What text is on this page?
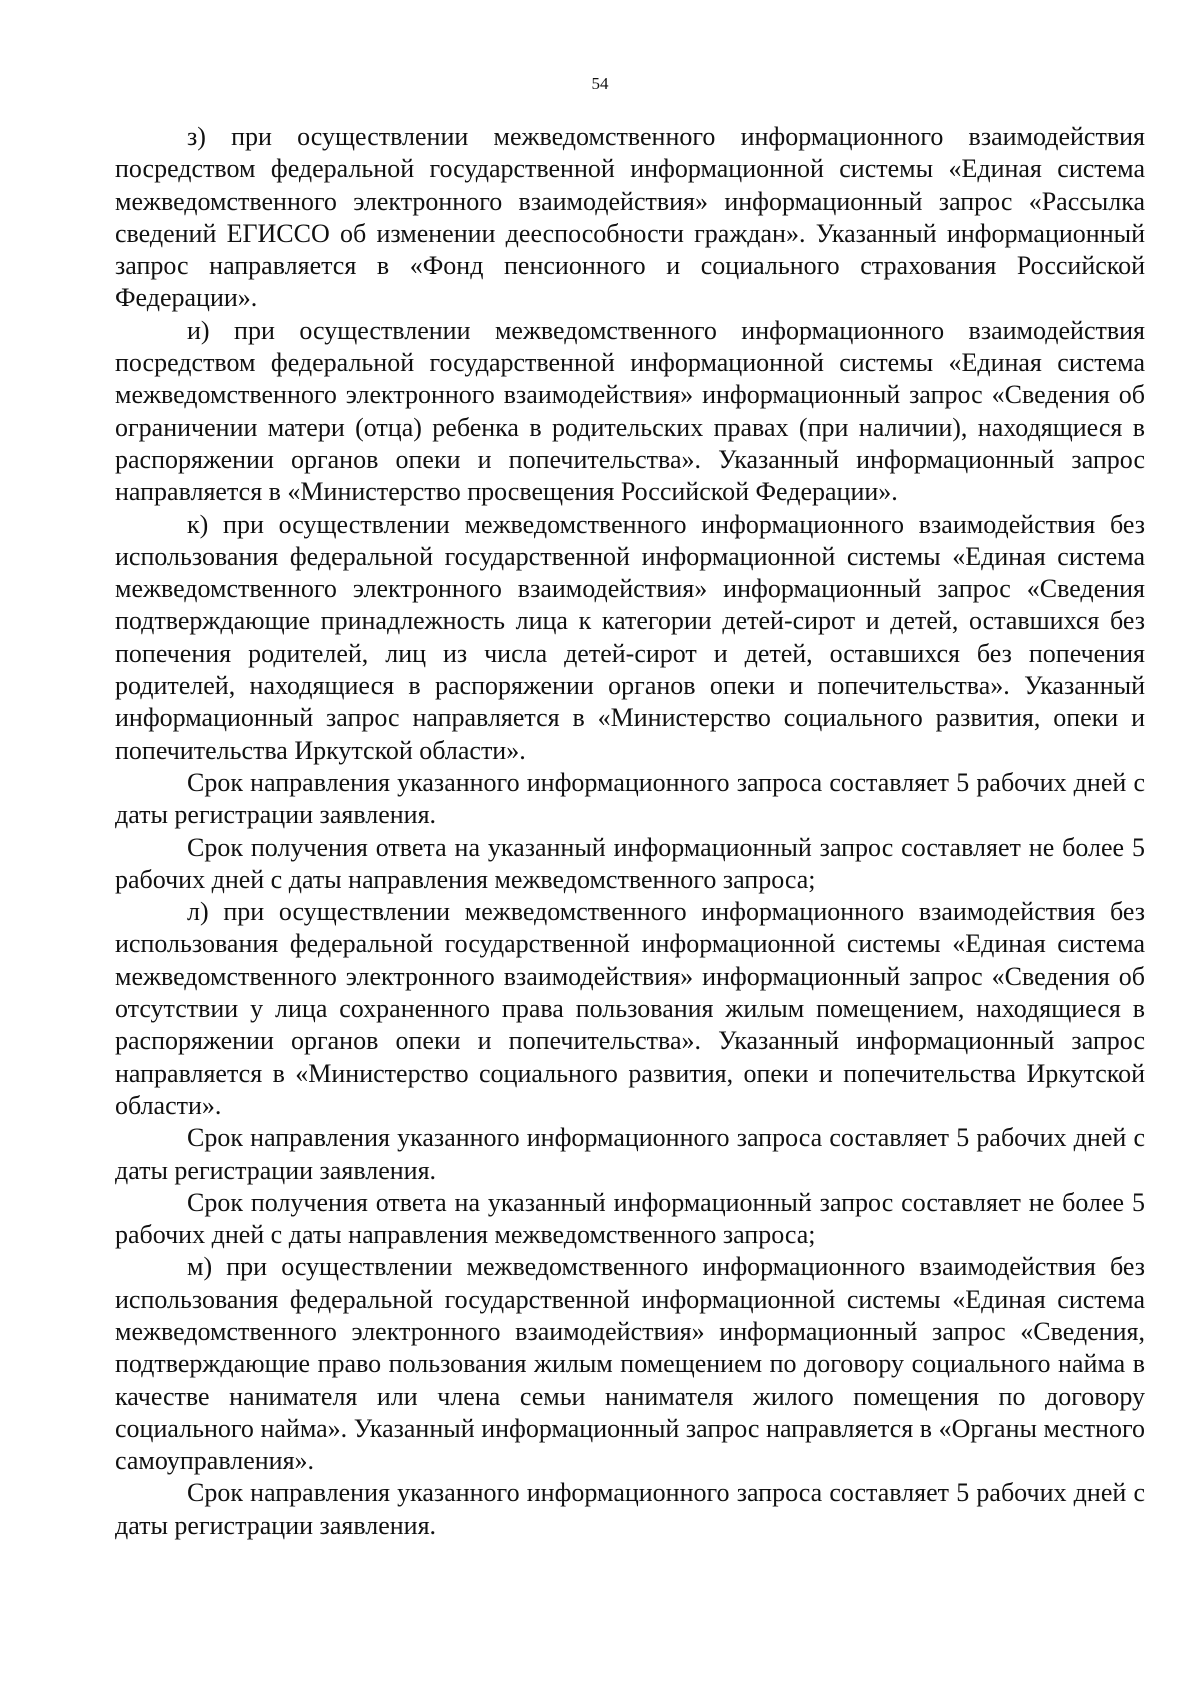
54

з) при осуществлении межведомственного информационного взаимодействия посредством федеральной государственной информационной системы «Единая система межведомственного электронного взаимодействия» информационный запрос «Рассылка сведений ЕГИССО об изменении дееспособности граждан». Указанный информационный запрос направляется в «Фонд пенсионного и социального страхования Российской Федерации».

и) при осуществлении межведомственного информационного взаимодействия посредством федеральной государственной информационной системы «Единая система межведомственного электронного взаимодействия» информационный запрос «Сведения об ограничении матери (отца) ребенка в родительских правах (при наличии), находящиеся в распоряжении органов опеки и попечительства». Указанный информационный запрос направляется в «Министерство просвещения Российской Федерации».

к) при осуществлении межведомственного информационного взаимодействия без использования федеральной государственной информационной системы «Единая система межведомственного электронного взаимодействия» информационный запрос «Сведения подтверждающие принадлежность лица к категории детей-сирот и детей, оставшихся без попечения родителей, лиц из числа детей-сирот и детей, оставшихся без попечения родителей, находящиеся в распоряжении органов опеки и попечительства». Указанный информационный запрос направляется в «Министерство социального развития, опеки и попечительства Иркутской области».

Срок направления указанного информационного запроса составляет 5 рабочих дней с даты регистрации заявления.

Срок получения ответа на указанный информационный запрос составляет не более 5 рабочих дней с даты направления межведомственного запроса;

л) при осуществлении межведомственного информационного взаимодействия без использования федеральной государственной информационной системы «Единая система межведомственного электронного взаимодействия» информационный запрос «Сведения об отсутствии у лица сохраненного права пользования жилым помещением, находящиеся в распоряжении органов опеки и попечительства». Указанный информационный запрос направляется в «Министерство социального развития, опеки и попечительства Иркутской области».

Срок направления указанного информационного запроса составляет 5 рабочих дней с даты регистрации заявления.

Срок получения ответа на указанный информационный запрос составляет не более 5 рабочих дней с даты направления межведомственного запроса;

м) при осуществлении межведомственного информационного взаимодействия без использования федеральной государственной информационной системы «Единая система межведомственного электронного взаимодействия» информационный запрос «Сведения, подтверждающие право пользования жилым помещением по договору социального найма в качестве нанимателя или члена семьи нанимателя жилого помещения по договору социального найма». Указанный информационный запрос направляется в «Органы местного самоуправления».

Срок направления указанного информационного запроса составляет 5 рабочих дней с даты регистрации заявления.
